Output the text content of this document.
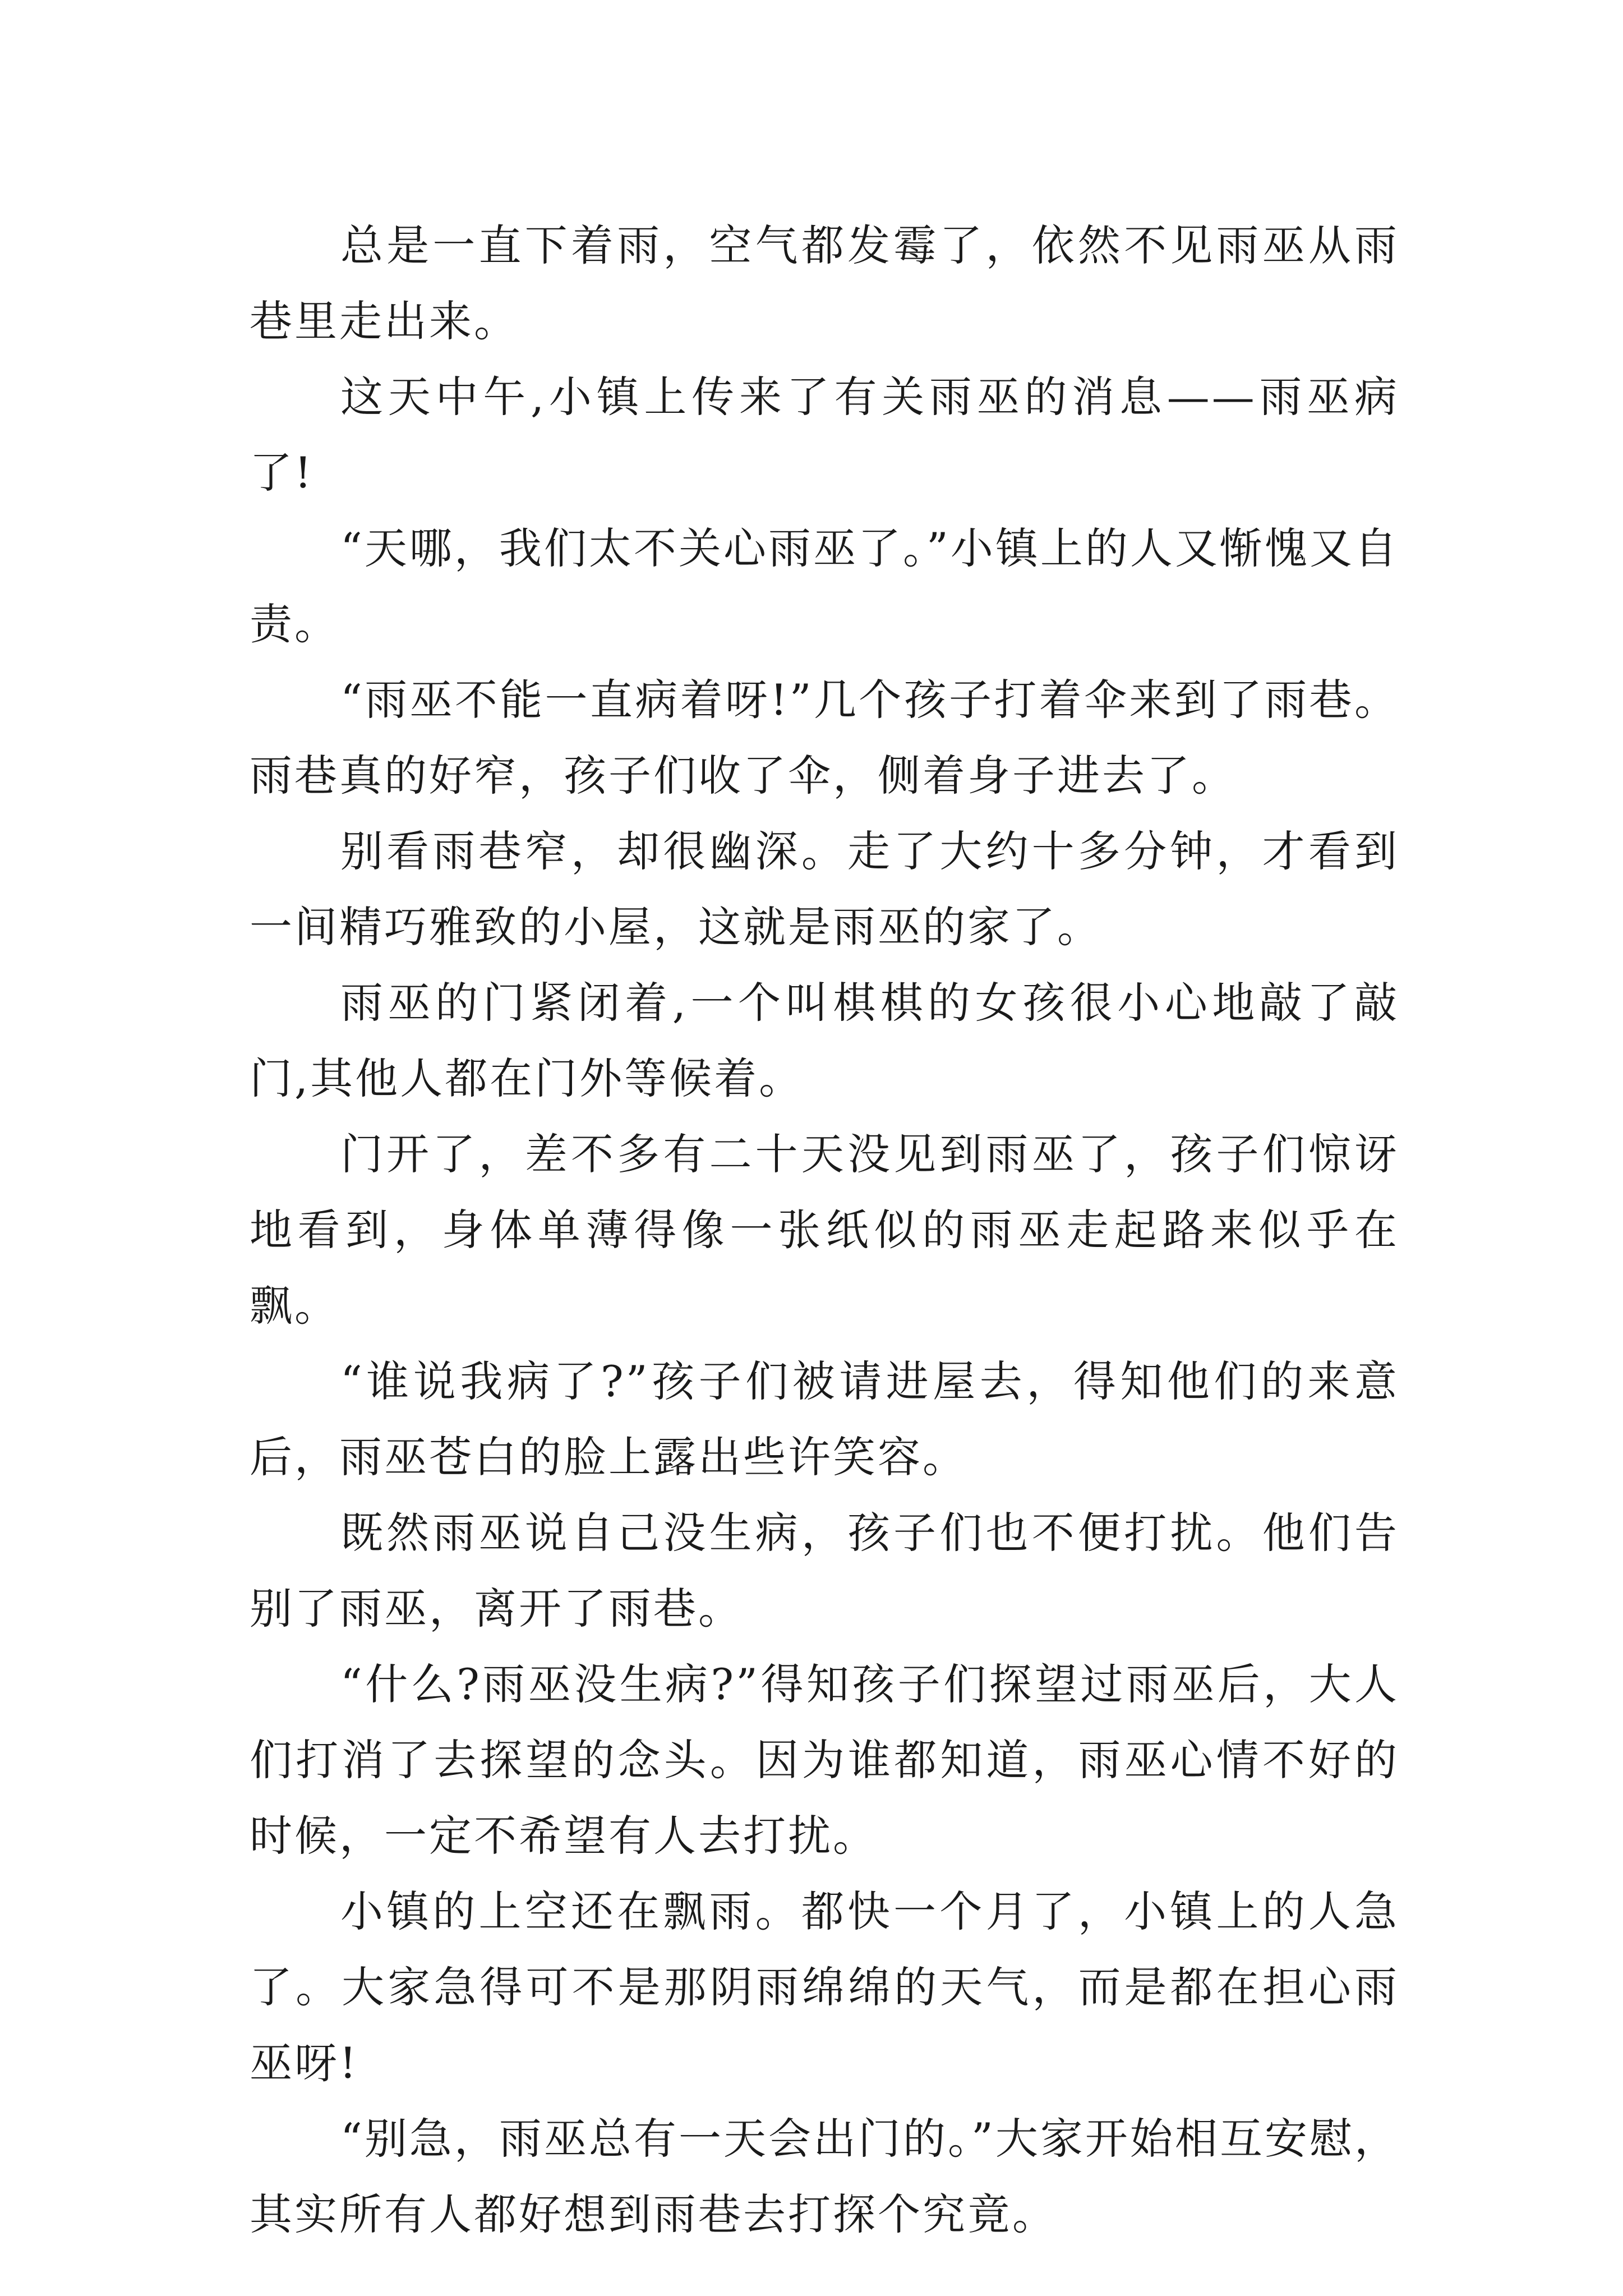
总是一直下着雨，空气都发霉了，依然不见雨巫从雨巷里走出来。

这天中午,小镇上传来了有关雨巫的消息——雨巫病了!

“天哪，我们太不关心雨巫了。”小镇上的人又惭愧又自责。

“雨巫不能一直病着呀!”几个孩子打着伞来到了雨巷。雨巷真的好窄，孩子们收了伞，侧着身子进去了。

别看雨巷窄，却很幽深。走了大约十多分钟，才看到一间精巧雅致的小屋，这就是雨巫的家了。

雨巫的门紧闭着,一个叫棋棋的女孩很小心地敲了敲门,其他人都在门外等候着。

门开了，差不多有二十天没见到雨巫了，孩子们惊讶地看到，身体单薄得像一张纸似的雨巫走起路来似乎在飘。

“谁说我病了?”孩子们被请进屋去，得知他们的来意后，雨巫苍白的脸上露出些许笑容。

既然雨巫说自己没生病，孩子们也不便打扰。他们告别了雨巫，离开了雨巷。

“什么?雨巫没生病?”得知孩子们探望过雨巫后，大人们打消了去探望的念头。因为谁都知道，雨巫心情不好的时候，一定不希望有人去打扰。

小镇的上空还在飘雨。都快一个月了，小镇上的人急了。大家急得可不是那阴雨绵绵的天气，而是都在担心雨巫呀!

“别急，雨巫总有一天会出门的。”大家开始相互安慰，其实所有人都好想到雨巷去打探个究竟。
